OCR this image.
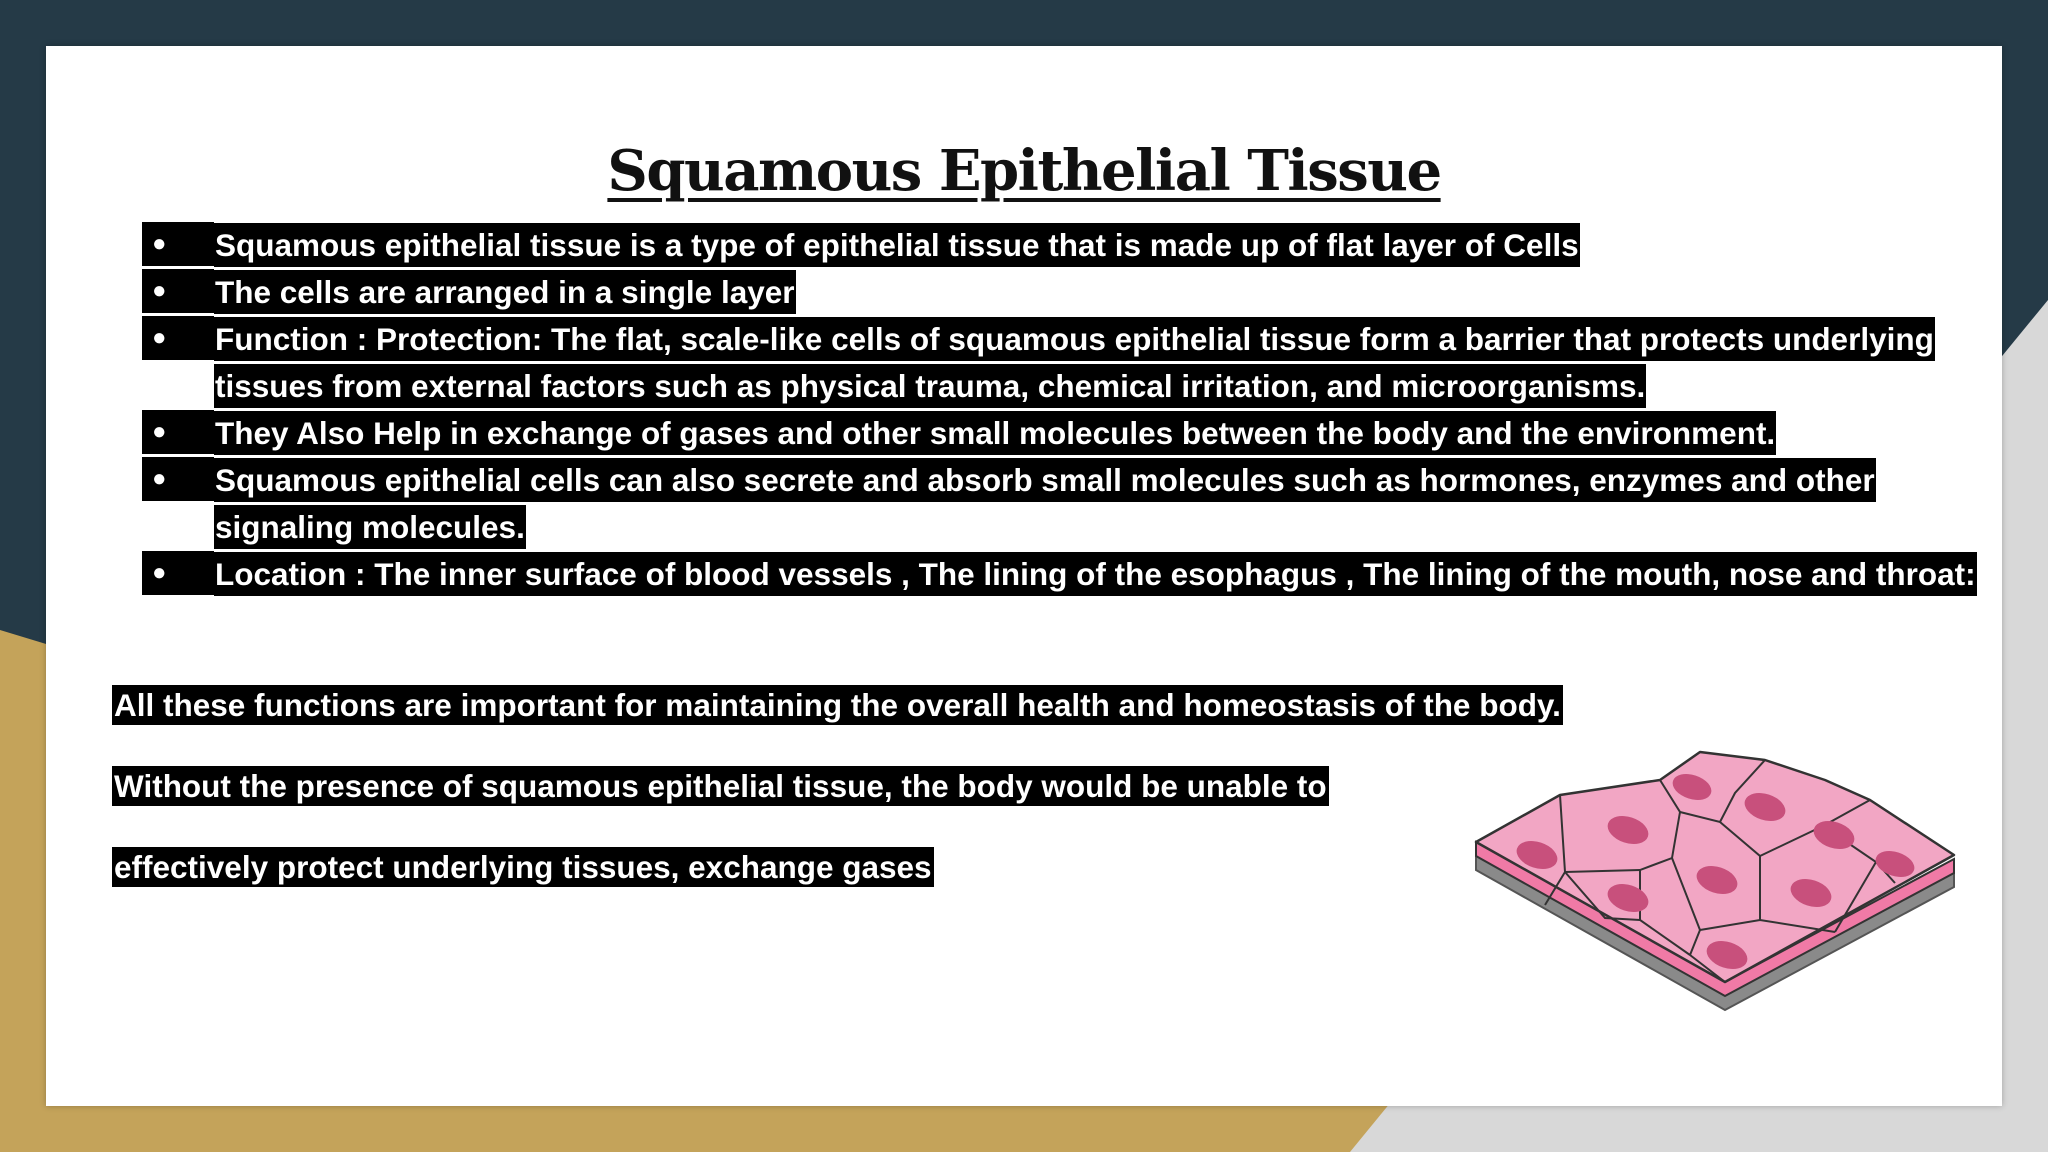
Squamous Epithelial Tissue
●	Squamous epithelial tissue is a type of epithelial tissue that is made up of flat layer of Cells
●	The cells are arranged in a single layer
●	Function : Protection: The flat, scale-like cells of squamous epithelial tissue form a barrier that protects underlying tissues from external factors such as physical trauma, chemical irritation, and microorganisms.
●	They Also Help in exchange of gases and other small molecules between the body and the environment.
●	Squamous epithelial cells can also secrete and absorb small molecules such as hormones, enzymes and other signaling molecules.
●	Location : The inner surface of blood vessels , The lining of the esophagus , The lining of the mouth, nose and throat:
All these functions are important for maintaining the overall health and homeostasis of the body.
Without the presence of squamous epithelial tissue, the body would be unable to
effectively protect underlying tissues, exchange gases
